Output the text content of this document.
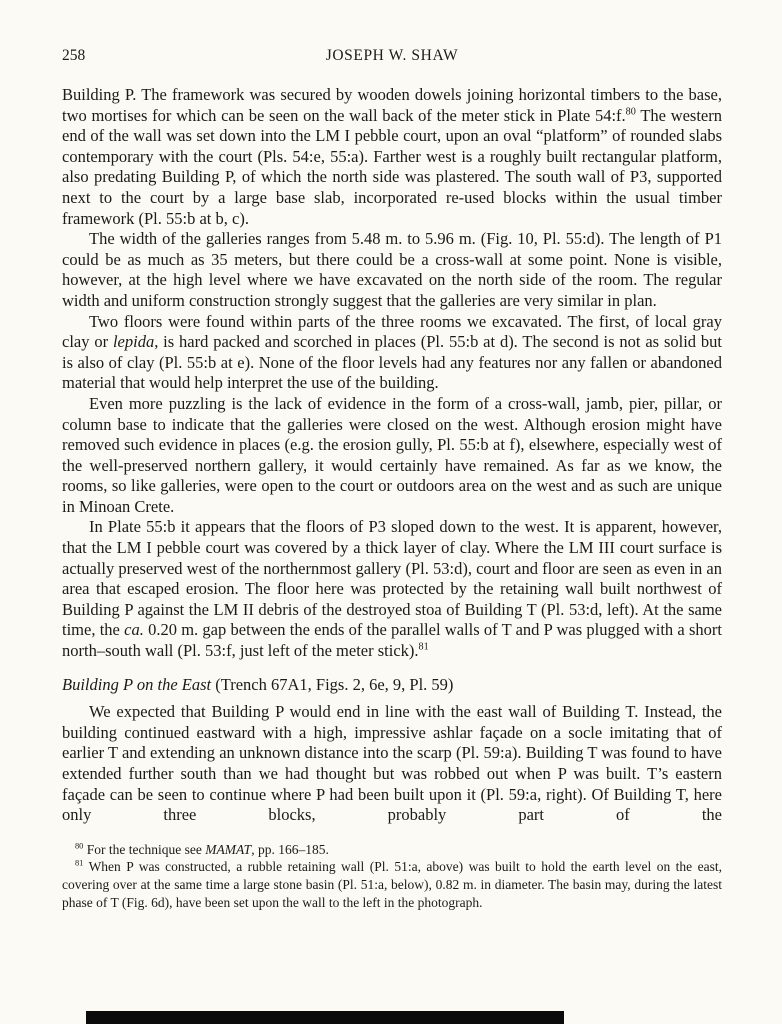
258	JOSEPH W. SHAW

Building P. The framework was secured by wooden dowels joining horizontal timbers to the base, two mortises for which can be seen on the wall back of the meter stick in Plate 54:f.$^{80}$ The western end of the wall was set down into the LM I pebble court, upon an oval “platform” of rounded slabs contemporary with the court (Pls. 54:e, 55:a). Farther west is a roughly built rectangular platform, also predating Building P, of which the north side was plastered. The south wall of P3, supported next to the court by a large base slab, incorporated re-used blocks within the usual timber framework (Pl. 55:b at b, c).

The width of the galleries ranges from 5.48 m. to 5.96 m. (Fig. 10, Pl. 55:d). The length of P1 could be as much as 35 meters, but there could be a cross-wall at some point. None is visible, however, at the high level where we have excavated on the north side of the room. The regular width and uniform construction strongly suggest that the galleries are very similar in plan.

Two floors were found within parts of the three rooms we excavated. The first, of local gray clay or lepida, is hard packed and scorched in places (Pl. 55:b at d). The second is not as solid but is also of clay (Pl. 55:b at e). None of the floor levels had any features nor any fallen or abandoned material that would help interpret the use of the building.

Even more puzzling is the lack of evidence in the form of a cross-wall, jamb, pier, pillar, or column base to indicate that the galleries were closed on the west. Although erosion might have removed such evidence in places (e.g. the erosion gully, Pl. 55:b at f), elsewhere, especially west of the well-preserved northern gallery, it would certainly have remained. As far as we know, the rooms, so like galleries, were open to the court or outdoors area on the west and as such are unique in Minoan Crete.

In Plate 55:b it appears that the floors of P3 sloped down to the west. It is apparent, however, that the LM I pebble court was covered by a thick layer of clay. Where the LM III court surface is actually preserved west of the northernmost gallery (Pl. 53:d), court and floor are seen as even in an area that escaped erosion. The floor here was protected by the retaining wall built northwest of Building P against the LM II debris of the destroyed stoa of Building T (Pl. 53:d, left). At the same time, the ca. 0.20 m. gap between the ends of the parallel walls of T and P was plugged with a short north–south wall (Pl. 53:f, just left of the meter stick).$^{81}$

Building P on the East (Trench 67A1, Figs. 2, 6e, 9, Pl. 59)

We expected that Building P would end in line with the east wall of Building T. Instead, the building continued eastward with a high, impressive ashlar façade on a socle imitating that of earlier T and extending an unknown distance into the scarp (Pl. 59:a). Building T was found to have extended further south than we had thought but was robbed out when P was built. T’s eastern façade can be seen to continue where P had been built upon it (Pl. 59:a, right). Of Building T, here only three blocks, probably part of the

$^{80}$ For the technique see MAMAT, pp. 166–185.

$^{81}$ When P was constructed, a rubble retaining wall (Pl. 51:a, above) was built to hold the earth level on the east, covering over at the same time a large stone basin (Pl. 51:a, below), 0.82 m. in diameter. The basin may, during the latest phase of T (Fig. 6d), have been set upon the wall to the left in the photograph.
